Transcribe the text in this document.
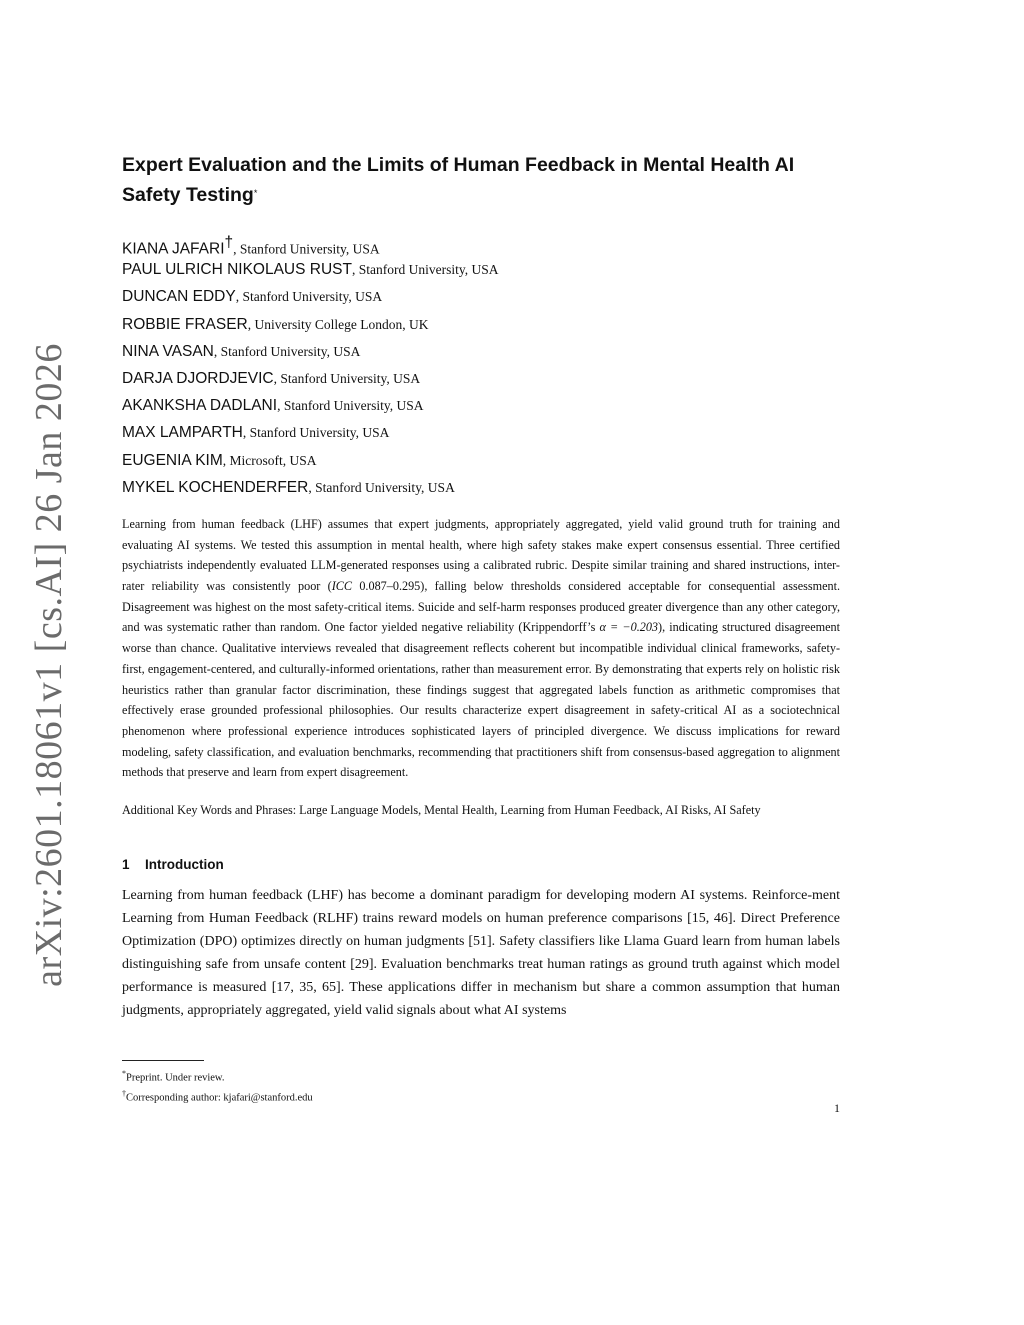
arXiv:2601.18061v1 [cs.AI] 26 Jan 2026
Expert Evaluation and the Limits of Human Feedback in Mental Health AI Safety Testing*
KIANA JAFARI†, Stanford University, USA
PAUL ULRICH NIKOLAUS RUST, Stanford University, USA
DUNCAN EDDY, Stanford University, USA
ROBBIE FRASER, University College London, UK
NINA VASAN, Stanford University, USA
DARJA DJORDJEVIC, Stanford University, USA
AKANKSHA DADLANI, Stanford University, USA
MAX LAMPARTH, Stanford University, USA
EUGENIA KIM, Microsoft, USA
MYKEL KOCHENDERFER, Stanford University, USA

Learning from human feedback (LHF) assumes that expert judgments, appropriately aggregated, yield valid ground truth for training and evaluating AI systems. We tested this assumption in mental health, where high safety stakes make expert consensus essential. Three certified psychiatrists independently evaluated LLM-generated responses using a calibrated rubric. Despite similar training and shared instructions, inter-rater reliability was consistently poor (ICC 0.087–0.295), falling below thresholds considered acceptable for consequential assessment. Disagreement was highest on the most safety-critical items. Suicide and self-harm responses produced greater divergence than any other category, and was systematic rather than random. One factor yielded negative reliability (Krippendorff’s α = −0.203), indicating structured disagreement worse than chance. Qualitative interviews revealed that disagreement reflects coherent but incompatible individual clinical frameworks, safety-first, engagement-centered, and culturally-informed orientations, rather than measurement error. By demonstrating that experts rely on holistic risk heuristics rather than granular factor discrimination, these findings suggest that aggregated labels function as arithmetic compromises that effectively erase grounded professional philosophies. Our results characterize expert disagreement in safety-critical AI as a sociotechnical phenomenon where professional experience introduces sophisticated layers of principled divergence. We discuss implications for reward modeling, safety classification, and evaluation benchmarks, recommending that practitioners shift from consensus-based aggregation to alignment methods that preserve and learn from expert disagreement.

Additional Key Words and Phrases: Large Language Models, Mental Health, Learning from Human Feedback, AI Risks, AI Safety
1 Introduction

Learning from human feedback (LHF) has become a dominant paradigm for developing modern AI systems. Reinforce-ment Learning from Human Feedback (RLHF) trains reward models on human preference comparisons [15, 46]. Direct Preference Optimization (DPO) optimizes directly on human judgments [51]. Safety classifiers like Llama Guard learn from human labels distinguishing safe from unsafe content [29]. Evaluation benchmarks treat human ratings as ground truth against which model performance is measured [17, 35, 65]. These applications differ in mechanism but share a common assumption that human judgments, appropriately aggregated, yield valid signals about what AI systems

*Preprint. Under review.
†Corresponding author: kjafari@stanford.edu
1
